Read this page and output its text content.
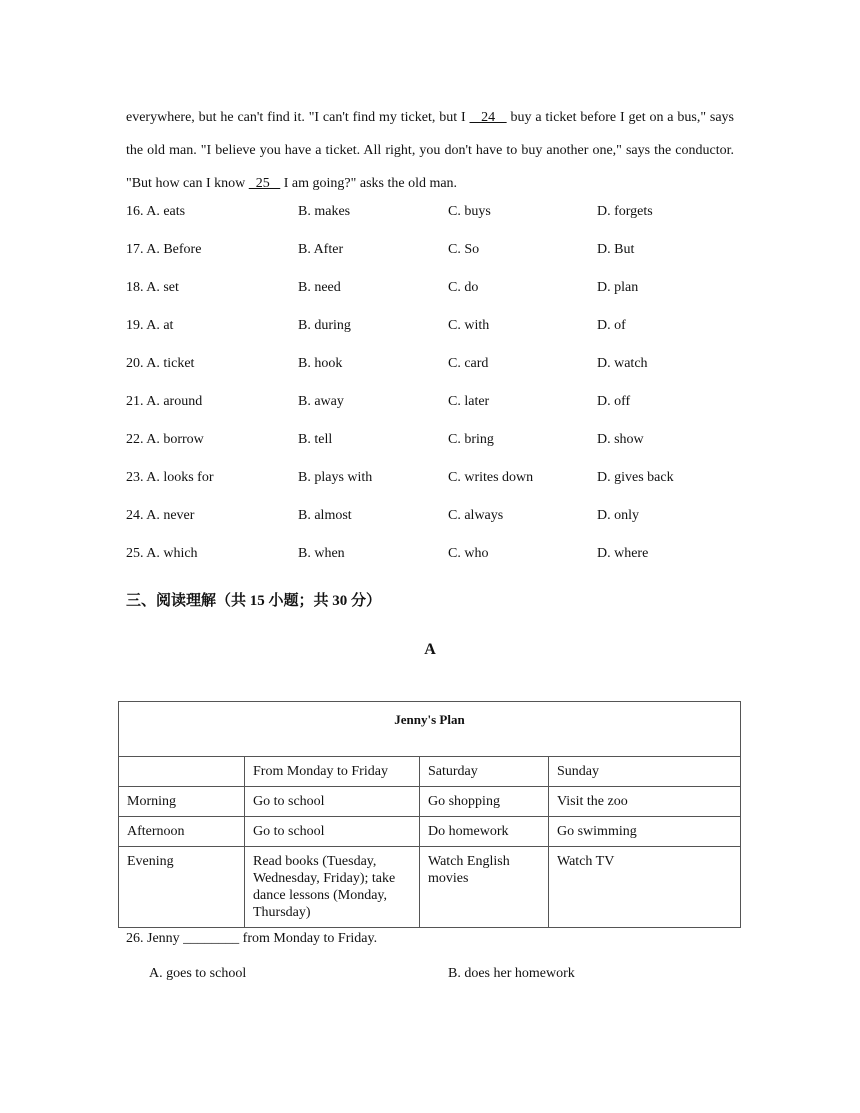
everywhere, but he can't find it. "I can't find my ticket, but I    24    buy a ticket before I get on a bus," says the old man. "I believe you have a ticket. All right, you don't have to buy another one," says the conductor. "But how can I know   25    I am going?" asks the old man.
16. A. eats	B. makes	C. buys	D. forgets
17. A. Before	B. After	C. So	D. But
18. A. set	B. need	C. do	D. plan
19. A. at	B. during	C. with	D. of
20. A. ticket	B. hook	C. card	D. watch
21. A. around	B. away	C. later	D. off
22. A. borrow	B. tell	C. bring	D. show
23. A. looks for	B. plays with	C. writes down	D. gives back
24. A. never	B. almost	C. always	D. only
25. A. which	B. when	C. who	D. where
三、阅读理解（共 15 小题；共 30 分）
A
Jenny's Plan			
	From Monday to Friday	Saturday	Sunday
Morning	Go to school	Go shopping	Visit the zoo
Afternoon	Go to school	Do homework	Go swimming
Evening	Read books (Tuesday, Wednesday, Friday); take dance lessons (Monday, Thursday)	Watch English movies	Watch TV
26. Jenny ________ from Monday to Friday.
A. goes to school	B. does her homework
